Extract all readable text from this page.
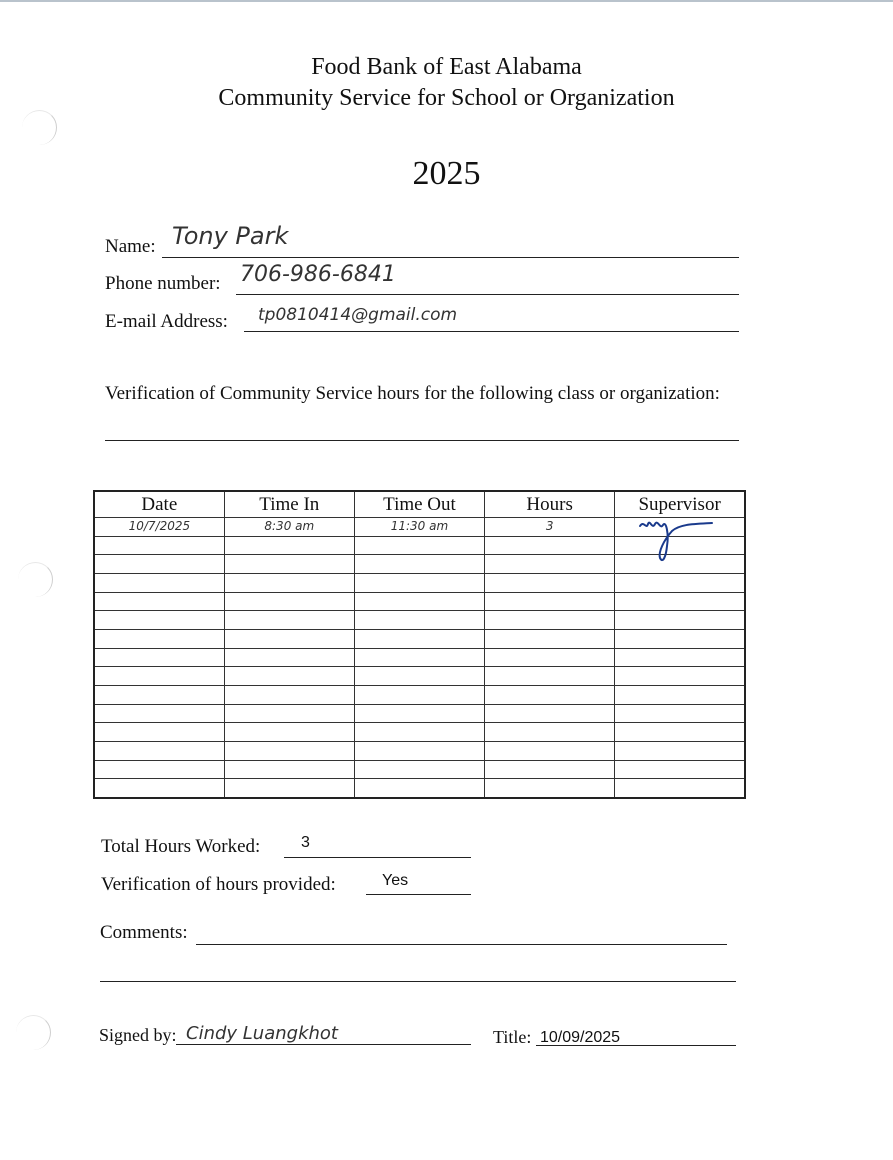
Food Bank of East Alabama
Community Service for School or Organization
2025
Name: Tony Park
Phone number: 706-986-6841
E-mail Address: tp0810414@gmail.com
Verification of Community Service hours for the following class or organization:
Date	Time In	Time Out	Hours	Supervisor
10/7/2025	8:30 am	11:30 am	3	

Total Hours Worked:	3
Verification of hours provided:	Yes
Comments:
Signed by: Cindy Luangkhot	Title: 10/09/2025
